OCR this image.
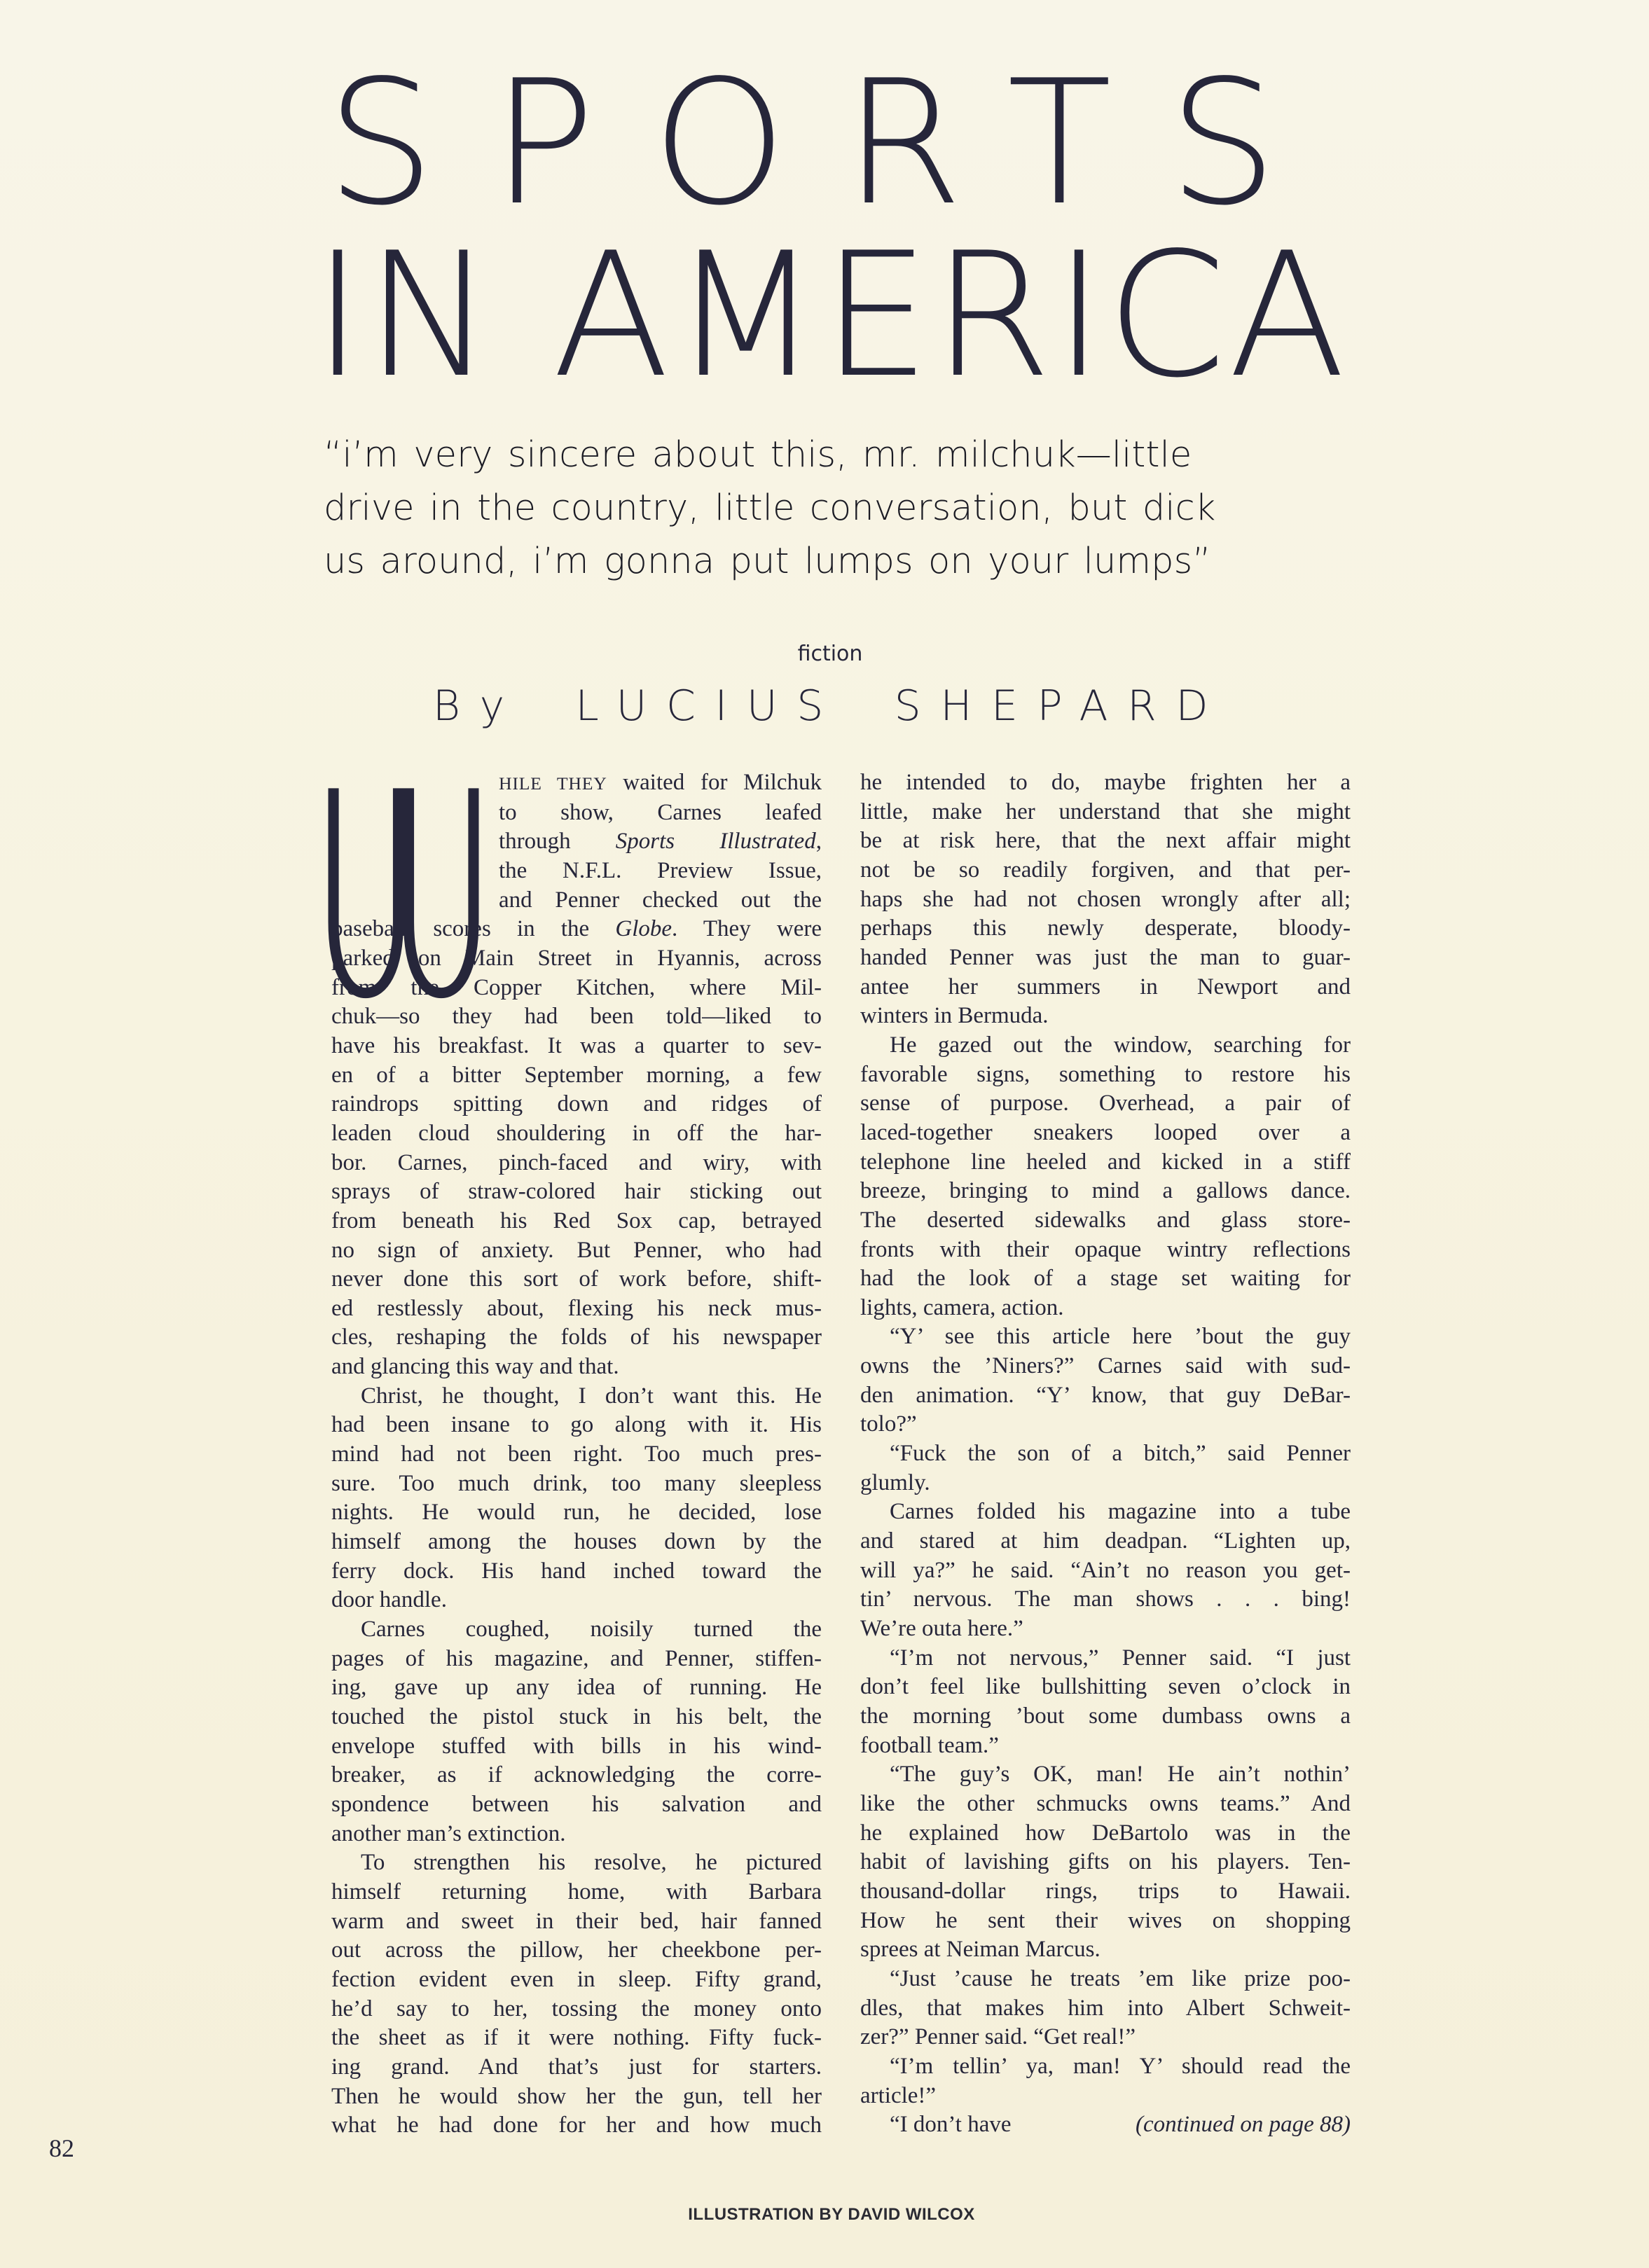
SPORTS
IN AMERICA
“i’m very sincere about this, mr. milchuk—little
drive in the country, little conversation, but dick
us around, i’m gonna put lumps on your lumps”
fiction
By LUCIUS SHEPARD
HILE THEY waited for Milchuk
to show, Carnes leafed
through Sports Illustrated,
the N.F.L. Preview Issue,
and Penner checked out the
baseball scores in the Globe. They were
parked on Main Street in Hyannis, across
from the Copper Kitchen, where Mil-
chuk—so they had been told—liked to
have his breakfast. It was a quarter to sev-
en of a bitter September morning, a few
raindrops spitting down and ridges of
leaden cloud shouldering in off the har-
bor. Carnes, pinch-faced and wiry, with
sprays of straw-colored hair sticking out
from beneath his Red Sox cap, betrayed
no sign of anxiety. But Penner, who had
never done this sort of work before, shift-
ed restlessly about, flexing his neck mus-
cles, reshaping the folds of his newspaper
and glancing this way and that.
Christ, he thought, I don’t want this. He
had been insane to go along with it. His
mind had not been right. Too much pres-
sure. Too much drink, too many sleepless
nights. He would run, he decided, lose
himself among the houses down by the
ferry dock. His hand inched toward the
door handle.
Carnes coughed, noisily turned the
pages of his magazine, and Penner, stiffen-
ing, gave up any idea of running. He
touched the pistol stuck in his belt, the
envelope stuffed with bills in his wind-
breaker, as if acknowledging the corre-
spondence between his salvation and
another man’s extinction.
To strengthen his resolve, he pictured
himself returning home, with Barbara
warm and sweet in their bed, hair fanned
out across the pillow, her cheekbone per-
fection evident even in sleep. Fifty grand,
he’d say to her, tossing the money onto
the sheet as if it were nothing. Fifty fuck-
ing grand. And that’s just for starters.
Then he would show her the gun, tell her
what he had done for her and how much
he intended to do, maybe frighten her a
little, make her understand that she might
be at risk here, that the next affair might
not be so readily forgiven, and that per-
haps she had not chosen wrongly after all;
perhaps this newly desperate, bloody-
handed Penner was just the man to guar-
antee her summers in Newport and
winters in Bermuda.
He gazed out the window, searching for
favorable signs, something to restore his
sense of purpose. Overhead, a pair of
laced-together sneakers looped over a
telephone line heeled and kicked in a stiff
breeze, bringing to mind a gallows dance.
The deserted sidewalks and glass store-
fronts with their opaque wintry reflections
had the look of a stage set waiting for
lights, camera, action.
“Y’ see this article here ’bout the guy
owns the ’Niners?” Carnes said with sud-
den animation. “Y’ know, that guy DeBar-
tolo?”
“Fuck the son of a bitch,” said Penner
glumly.
Carnes folded his magazine into a tube
and stared at him deadpan. “Lighten up,
will ya?” he said. “Ain’t no reason you get-
tin’ nervous. The man shows . . . bing!
We’re outa here.”
“I’m not nervous,” Penner said. “I just
don’t feel like bullshitting seven o’clock in
the morning ’bout some dumbass owns a
football team.”
“The guy’s OK, man! He ain’t nothin’
like the other schmucks owns teams.” And
he explained how DeBartolo was in the
habit of lavishing gifts on his players. Ten-
thousand-dollar rings, trips to Hawaii.
How he sent their wives on shopping
sprees at Neiman Marcus.
“Just ’cause he treats ’em like prize poo-
dles, that makes him into Albert Schweit-
zer?” Penner said. “Get real!”
“I’m tellin’ ya, man! Y’ should read the
article!”
“I don’t have	(continued on page 88)
82
ILLUSTRATION BY DAVID WILCOX
